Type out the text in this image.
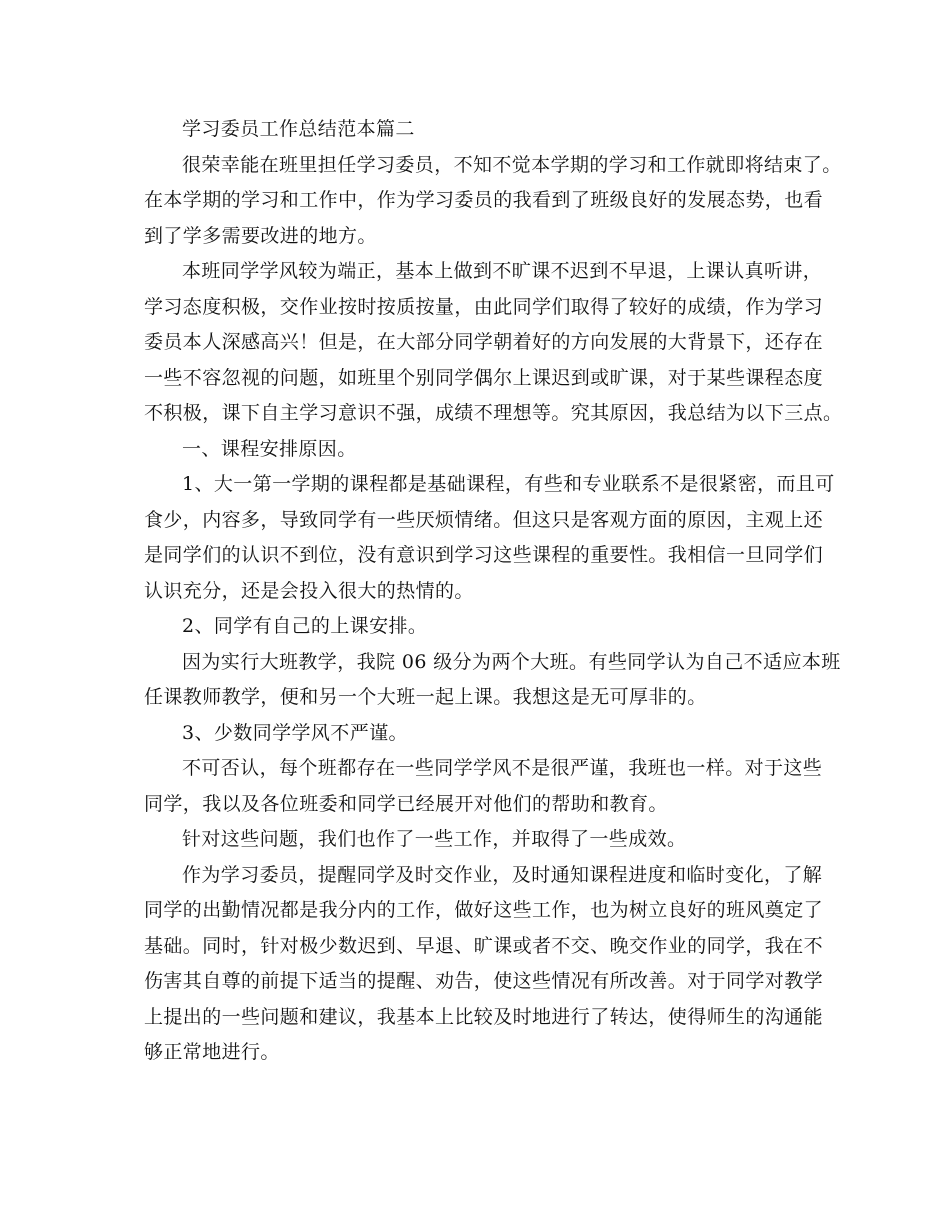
学习委员工作总结范本篇二
很荣幸能在班里担任学习委员，不知不觉本学期的学习和工作就即将结束了。
在本学期的学习和工作中，作为学习委员的我看到了班级良好的发展态势，也看
到了学多需要改进的地方。
本班同学学风较为端正，基本上做到不旷课不迟到不早退，上课认真听讲，
学习态度积极，交作业按时按质按量，由此同学们取得了较好的成绩，作为学习
委员本人深感高兴！但是，在大部分同学朝着好的方向发展的大背景下，还存在
一些不容忽视的问题，如班里个别同学偶尔上课迟到或旷课，对于某些课程态度
不积极，课下自主学习意识不强，成绩不理想等。究其原因，我总结为以下三点。
一、课程安排原因。
1、大一第一学期的课程都是基础课程，有些和专业联系不是很紧密，而且可
食少，内容多，导致同学有一些厌烦情绪。但这只是客观方面的原因，主观上还
是同学们的认识不到位，没有意识到学习这些课程的重要性。我相信一旦同学们
认识充分，还是会投入很大的热情的。
2、同学有自己的上课安排。
因为实行大班教学，我院 06 级分为两个大班。有些同学认为自己不适应本班
任课教师教学，便和另一个大班一起上课。我想这是无可厚非的。
3、少数同学学风不严谨。
不可否认，每个班都存在一些同学学风不是很严谨，我班也一样。对于这些
同学，我以及各位班委和同学已经展开对他们的帮助和教育。
针对这些问题，我们也作了一些工作，并取得了一些成效。
作为学习委员，提醒同学及时交作业，及时通知课程进度和临时变化，了解
同学的出勤情况都是我分内的工作，做好这些工作，也为树立良好的班风奠定了
基础。同时，针对极少数迟到、早退、旷课或者不交、晚交作业的同学，我在不
伤害其自尊的前提下适当的提醒、劝告，使这些情况有所改善。对于同学对教学
上提出的一些问题和建议，我基本上比较及时地进行了转达，使得师生的沟通能
够正常地进行。
